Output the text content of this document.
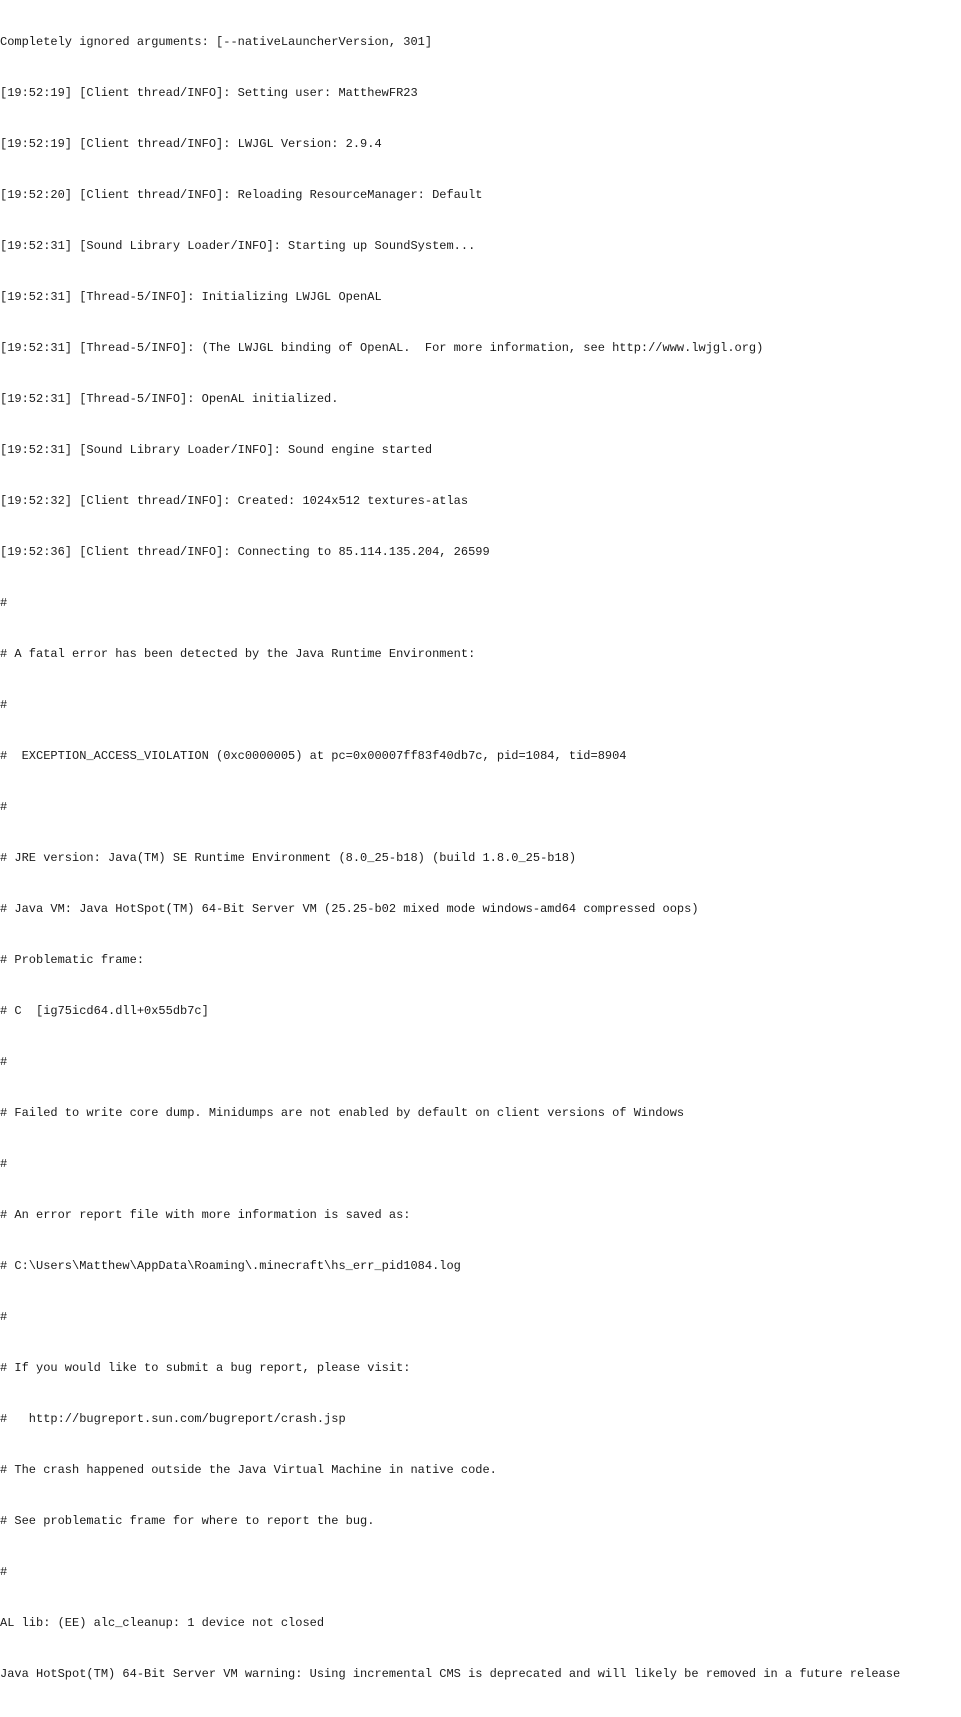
Completely ignored arguments: [--nativeLauncherVersion, 301]

[19:52:19] [Client thread/INFO]: Setting user: MatthewFR23

[19:52:19] [Client thread/INFO]: LWJGL Version: 2.9.4

[19:52:20] [Client thread/INFO]: Reloading ResourceManager: Default

[19:52:31] [Sound Library Loader/INFO]: Starting up SoundSystem...

[19:52:31] [Thread-5/INFO]: Initializing LWJGL OpenAL

[19:52:31] [Thread-5/INFO]: (The LWJGL binding of OpenAL.  For more information, see http://www.lwjgl.org)

[19:52:31] [Thread-5/INFO]: OpenAL initialized.

[19:52:31] [Sound Library Loader/INFO]: Sound engine started

[19:52:32] [Client thread/INFO]: Created: 1024x512 textures-atlas

[19:52:36] [Client thread/INFO]: Connecting to 85.114.135.204, 26599

#

# A fatal error has been detected by the Java Runtime Environment:

#

#  EXCEPTION_ACCESS_VIOLATION (0xc0000005) at pc=0x00007ff83f40db7c, pid=1084, tid=8904

#

# JRE version: Java(TM) SE Runtime Environment (8.0_25-b18) (build 1.8.0_25-b18)

# Java VM: Java HotSpot(TM) 64-Bit Server VM (25.25-b02 mixed mode windows-amd64 compressed oops)

# Problematic frame:

# C  [ig75icd64.dll+0x55db7c]

#

# Failed to write core dump. Minidumps are not enabled by default on client versions of Windows

#

# An error report file with more information is saved as:

# C:\Users\Matthew\AppData\Roaming\.minecraft\hs_err_pid1084.log

#

# If you would like to submit a bug report, please visit:

#   http://bugreport.sun.com/bugreport/crash.jsp

# The crash happened outside the Java Virtual Machine in native code.

# See problematic frame for where to report the bug.

#

AL lib: (EE) alc_cleanup: 1 device not closed

Java HotSpot(TM) 64-Bit Server VM warning: Using incremental CMS is deprecated and will likely be removed in a future release
